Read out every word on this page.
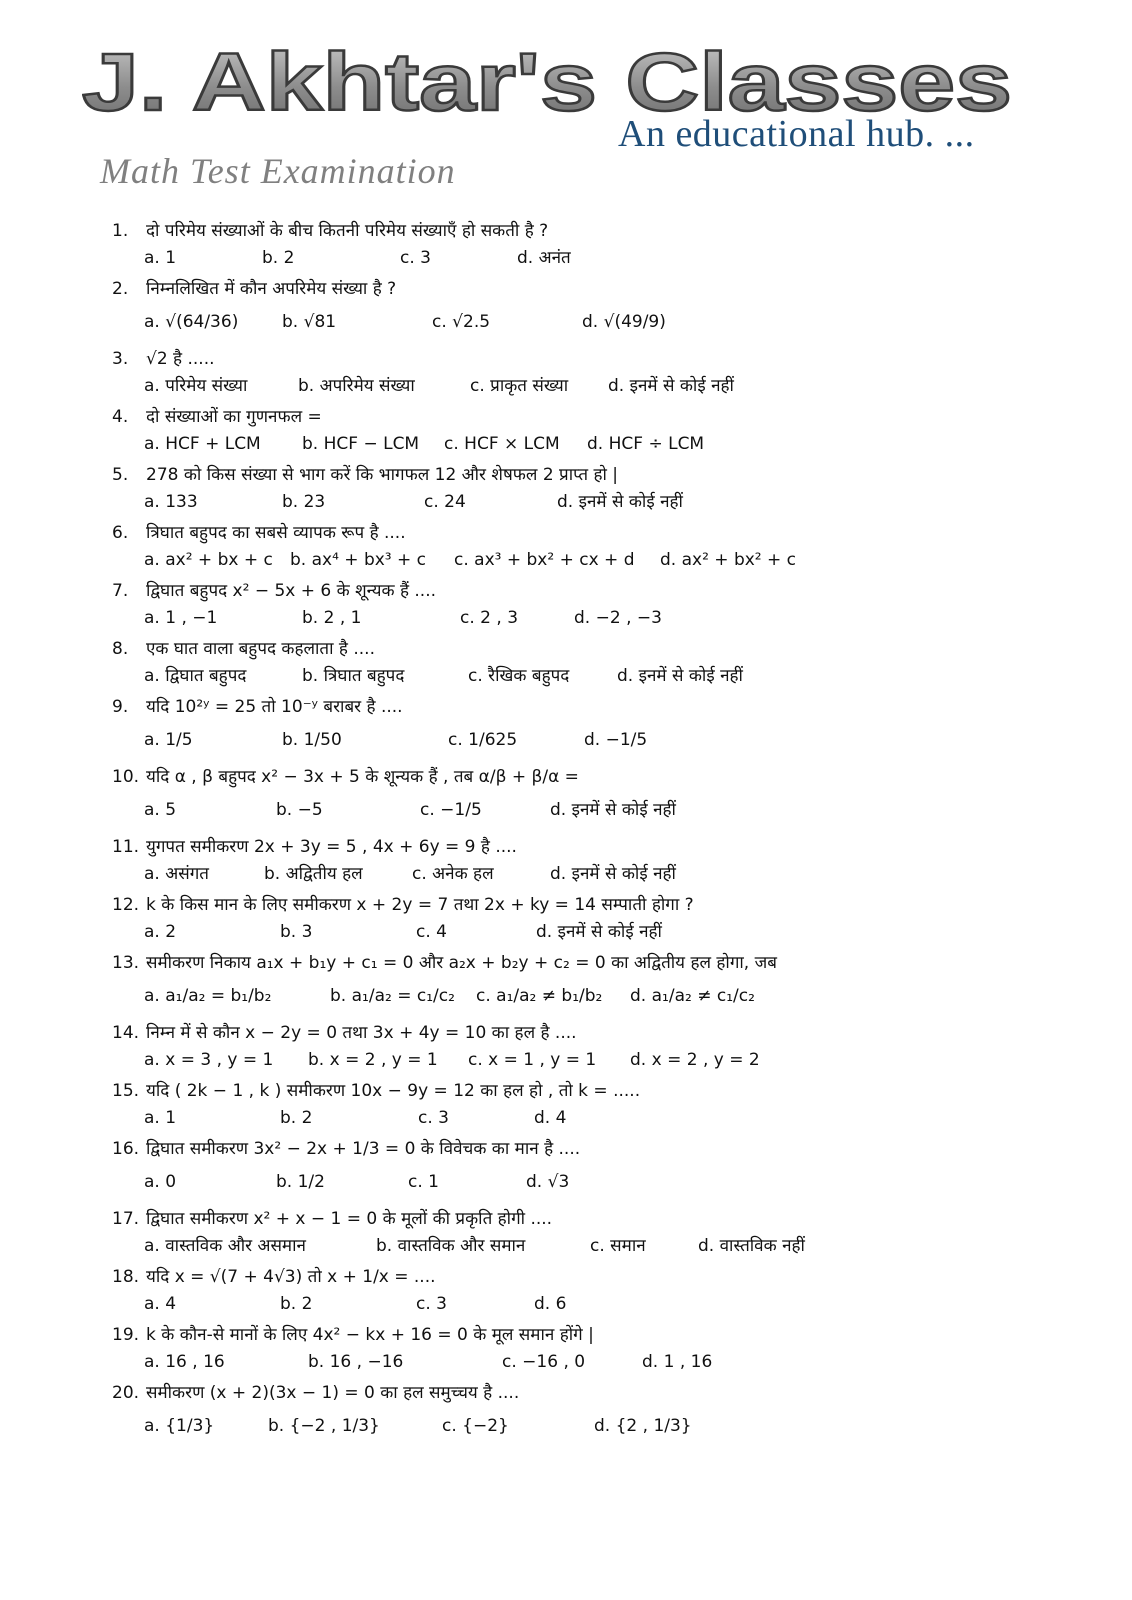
J. Akhtar's Classes
An educational hub. ...
Math Test Examination
1.	दो परिमेय संख्याओं के बीच कितनी परिमेय संख्याएँ हो सकती है ?
a.
1	b.
2	c.
3	d.
अनंत
2.	निम्नलिखित में कौन अपरिमेय संख्या है ?
a.
√(64/36)	b.
√81	c.
√2.5	d.
√(49/9)
3.	√2 है .....
a.
परिमेय संख्या	b.
अपरिमेय संख्या	c.
प्राकृत संख्या d.
इनमें से कोई नहीं
4.	दो संख्याओं का गुणनफल =
a.
HCF + LCM b.
HCF − LCM c.
HCF × LCM d.
HCF ÷ LCM
5.	278 को किस संख्या से भाग करें कि भागफल 12 और शेषफल 2 प्राप्त हो |
a.
133	b.
23	c.
24	d.
इनमें से कोई नहीं
6.	त्रिघात बहुपद का सबसे व्यापक रूप है ....
a.
ax² + bx + c b.
ax⁴ + bx³ + c c.
ax³ + bx² + cx + d d.
ax² + bx² + c
7.	द्विघात बहुपद x² − 5x + 6 के शून्यक हैं ....
a.
1 , −1	b.
2 , 1	c.
2 , 3	d.
−2 , −3
8.	एक घात वाला बहुपद कहलाता है ....
a.
द्विघात बहुपद	b.
त्रिघात बहुपद	c.
रैखिक बहुपद	d.
इनमें से कोई नहीं
9.	यदि 10²ʸ = 25 तो 10⁻ʸ बराबर है ....
a.
1/5	b.
1/50	c.
1/625	d.
−1/5
10. यदि α , β बहुपद x² − 3x + 5 के शून्यक हैं , तब α/β + β/α =
a.
5	b.
−5	c.
−1/5	d.
इनमें से कोई नहीं
11. युगपत समीकरण 2x + 3y = 5 , 4x + 6y = 9 है ....
a.
असंगत	b.
अद्वितीय हल	c.
अनेक हल	d.
इनमें से कोई नहीं
12. k के किस मान के लिए समीकरण x + 2y = 7 तथा 2x + ky = 14 सम्पाती होगा ?
a.
2	b.
3	c.
4	d.
इनमें से कोई नहीं
13. समीकरण निकाय a₁x + b₁y + c₁ = 0 और a₂x + b₂y + c₂ = 0 का अद्वितीय हल होगा, जब
a.
a₁/a₂ = b₁/b₂	b.
a₁/a₂ = c₁/c₂ c.
a₁/a₂ ≠ b₁/b₂ d.
a₁/a₂ ≠ c₁/c₂
14. निम्न में से कौन x − 2y = 0 तथा 3x + 4y = 10 का हल है ....
a.
x = 3 , y = 1 b.
x = 2 , y = 1 c.
x = 1 , y = 1 d.
x = 2 , y = 2
15. यदि ( 2k − 1 , k ) समीकरण 10x − 9y = 12 का हल हो , तो k = .....
a.
1	b.
2	c.
3	d.
4
16. द्विघात समीकरण 3x² − 2x + 1/3 = 0 के विवेचक का मान है ....
a.
0	b.
1/2	c.
1	d.
√3
17. द्विघात समीकरण x² + x − 1 = 0 के मूलों की प्रकृति होगी ....
a.
वास्तविक और असमान	b.
वास्तविक और समान	c.
समान	d.
वास्तविक नहीं
18. यदि x = √(7 + 4√3) तो x + 1/x = ....
a.
4	b.
2	c.
3	d.
6
19. k के कौन-से मानों के लिए 4x² − kx + 16 = 0 के मूल समान होंगे |
a.
16 , 16	b.
16 , −16	c.
−16 , 0	d.
1 , 16
20. समीकरण (x + 2)(3x − 1) = 0 का हल समुच्चय है ....
a.
{1/3}	b.
{−2 , 1/3}	c.
{−2}	d.
{2 , 1/3}
